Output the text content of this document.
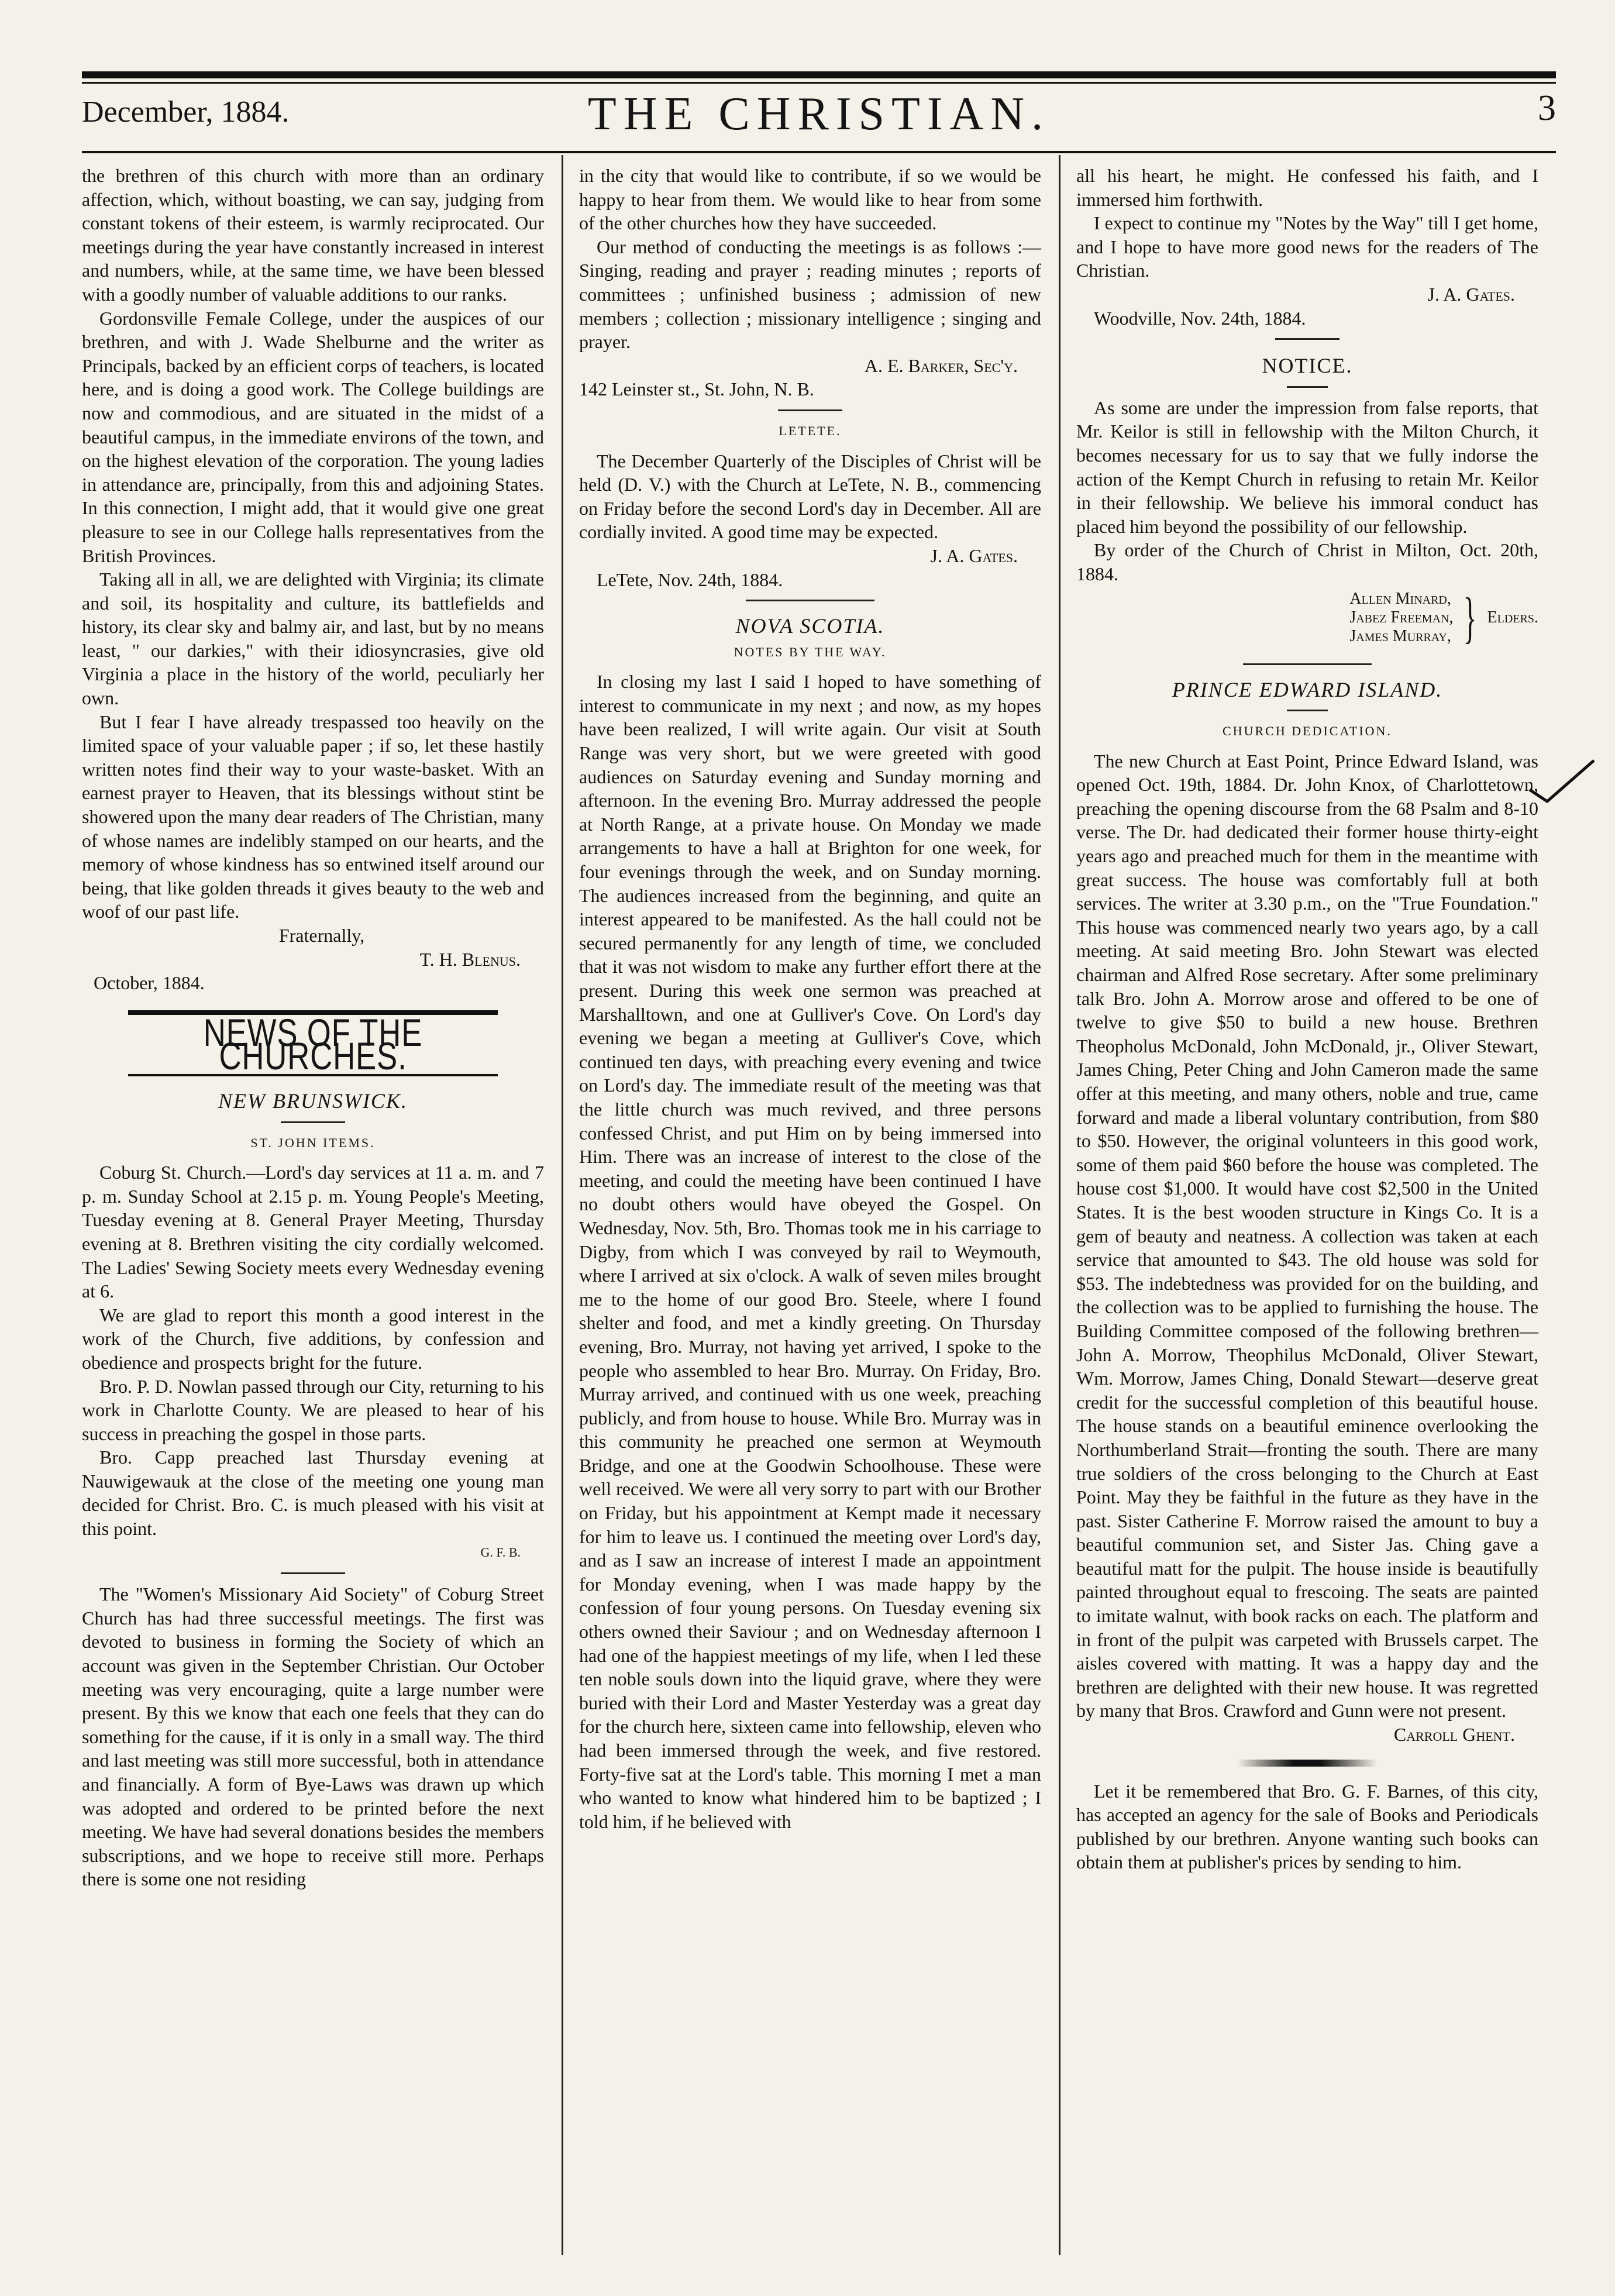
December, 1884.	THE CHRISTIAN.	3

the brethren of this church with more than an ordinary affection, which, without boasting, we can say, judging from constant tokens of their esteem, is warmly reciprocated. Our meetings during the year have constantly increased in interest and numbers, while, at the same time, we have been blessed with a goodly number of valuable additions to our ranks.

Gordonsville Female College, under the auspices of our brethren, and with J. Wade Shelburne and the writer as Principals, backed by an efficient corps of teachers, is located here, and is doing a good work. The College buildings are now and commodious, and are situated in the midst of a beautiful campus, in the immediate environs of the town, and on the highest elevation of the corporation. The young ladies in attendance are, principally, from this and adjoining States. In this connection, I might add, that it would give one great pleasure to see in our College halls representatives from the British Provinces.

Taking all in all, we are delighted with Virginia; its climate and soil, its hospitality and culture, its battlefields and history, its clear sky and balmy air, and last, but by no means least, " our darkies," with their idiosyncrasies, give old Virginia a place in the history of the world, peculiarly her own.

But I fear I have already trespassed too heavily on the limited space of your valuable paper ; if so, let these hastily written notes find their way to your waste-basket. With an earnest prayer to Heaven, that its blessings without stint be showered upon the many dear readers of The Christian, many of whose names are indelibly stamped on our hearts, and the memory of whose kindness has so entwined itself around our being, that like golden threads it gives beauty to the web and woof of our past life.

Fraternally,

T. H. Blenus.

October, 1884.

NEWS OF THE CHURCHES.
NEW BRUNSWICK.
ST. JOHN ITEMS.

Coburg St. Church.—Lord's day services at 11 a. m. and 7 p. m. Sunday School at 2.15 p. m. Young People's Meeting, Tuesday evening at 8. General Prayer Meeting, Thursday evening at 8. Brethren visiting the city cordially welcomed. The Ladies' Sewing Society meets every Wednesday evening at 6.

We are glad to report this month a good interest in the work of the Church, five additions, by confession and obedience and prospects bright for the future.

Bro. P. D. Nowlan passed through our City, returning to his work in Charlotte County. We are pleased to hear of his success in preaching the gospel in those parts.

Bro. Capp preached last Thursday evening at Nauwigewauk at the close of the meeting one young man decided for Christ. Bro. C. is much pleased with his visit at this point.

G. F. B.

The "Women's Missionary Aid Society" of Coburg Street Church has had three successful meetings. The first was devoted to business in forming the Society of which an account was given in the September Christian. Our October meeting was very encouraging, quite a large number were present. By this we know that each one feels that they can do something for the cause, if it is only in a small way. The third and last meeting was still more successful, both in attendance and financially. A form of Bye-Laws was drawn up which was adopted and ordered to be printed before the next meeting. We have had several donations besides the members subscriptions, and we hope to receive still more. Perhaps there is some one not residing

in the city that would like to contribute, if so we would be happy to hear from them. We would like to hear from some of the other churches how they have succeeded.

Our method of conducting the meetings is as follows :—Singing, reading and prayer ; reading minutes ; reports of committees ; unfinished business ; admission of new members ; collection ; missionary intelligence ; singing and prayer.

A. E. Barker, Sec'y.

142 Leinster st., St. John, N. B.

LETETE.

The December Quarterly of the Disciples of Christ will be held (D. V.) with the Church at LeTete, N. B., commencing on Friday before the second Lord's day in December. All are cordially invited. A good time may be expected.

J. A. Gates.

LeTete, Nov. 24th, 1884.

NOVA SCOTIA.
NOTES BY THE WAY.

In closing my last I said I hoped to have something of interest to communicate in my next ; and now, as my hopes have been realized, I will write again. Our visit at South Range was very short, but we were greeted with good audiences on Saturday evening and Sunday morning and afternoon. In the evening Bro. Murray addressed the people at North Range, at a private house. On Monday we made arrangements to have a hall at Brighton for one week, for four evenings through the week, and on Sunday morning. The audiences increased from the beginning, and quite an interest appeared to be manifested. As the hall could not be secured permanently for any length of time, we concluded that it was not wisdom to make any further effort there at the present. During this week one sermon was preached at Marshalltown, and one at Gulliver's Cove. On Lord's day evening we began a meeting at Gulliver's Cove, which continued ten days, with preaching every evening and twice on Lord's day. The immediate result of the meeting was that the little church was much revived, and three persons confessed Christ, and put Him on by being immersed into Him. There was an increase of interest to the close of the meeting, and could the meeting have been continued I have no doubt others would have obeyed the Gospel. On Wednesday, Nov. 5th, Bro. Thomas took me in his carriage to Digby, from which I was conveyed by rail to Weymouth, where I arrived at six o'clock. A walk of seven miles brought me to the home of our good Bro. Steele, where I found shelter and food, and met a kindly greeting. On Thursday evening, Bro. Murray, not having yet arrived, I spoke to the people who assembled to hear Bro. Murray. On Friday, Bro. Murray arrived, and continued with us one week, preaching publicly, and from house to house. While Bro. Murray was in this community he preached one sermon at Weymouth Bridge, and one at the Goodwin Schoolhouse. These were well received. We were all very sorry to part with our Brother on Friday, but his appointment at Kempt made it necessary for him to leave us. I continued the meeting over Lord's day, and as I saw an increase of interest I made an appointment for Monday evening, when I was made happy by the confession of four young persons. On Tuesday evening six others owned their Saviour ; and on Wednesday afternoon I had one of the happiest meetings of my life, when I led these ten noble souls down into the liquid grave, where they were buried with their Lord and Master Yesterday was a great day for the church here, sixteen came into fellowship, eleven who had been immersed through the week, and five restored. Forty-five sat at the Lord's table. This morning I met a man who wanted to know what hindered him to be baptized ; I told him, if he believed with

all his heart, he might. He confessed his faith, and I immersed him forthwith.

I expect to continue my "Notes by the Way" till I get home, and I hope to have more good news for the readers of The Christian.

J. A. Gates.

Woodville, Nov. 24th, 1884.

NOTICE.

As some are under the impression from false reports, that Mr. Keilor is still in fellowship with the Milton Church, it becomes necessary for us to say that we fully indorse the action of the Kempt Church in refusing to retain Mr. Keilor in their fellowship. We believe his immoral conduct has placed him beyond the possibility of our fellowship.

By order of the Church of Christ in Milton, Oct. 20th, 1884.

Allen Minard,
Jabez Freeman,
James Murray, } Elders.
PRINCE EDWARD ISLAND.
CHURCH DEDICATION.

The new Church at East Point, Prince Edward Island, was opened Oct. 19th, 1884. Dr. John Knox, of Charlottetown, preaching the opening discourse from the 68 Psalm and 8-10 verse. The Dr. had dedicated their former house thirty-eight years ago and preached much for them in the meantime with great success. The house was comfortably full at both services. The writer at 3.30 p.m., on the "True Foundation." This house was commenced nearly two years ago, by a call meeting. At said meeting Bro. John Stewart was elected chairman and Alfred Rose secretary. After some preliminary talk Bro. John A. Morrow arose and offered to be one of twelve to give $50 to build a new house. Brethren Theopholus McDonald, John McDonald, jr., Oliver Stewart, James Ching, Peter Ching and John Cameron made the same offer at this meeting, and many others, noble and true, came forward and made a liberal voluntary contribution, from $80 to $50. However, the original volunteers in this good work, some of them paid $60 before the house was completed. The house cost $1,000. It would have cost $2,500 in the United States. It is the best wooden structure in Kings Co. It is a gem of beauty and neatness. A collection was taken at each service that amounted to $43. The old house was sold for $53. The indebtedness was provided for on the building, and the collection was to be applied to furnishing the house. The Building Committee composed of the following brethren—John A. Morrow, Theophilus McDonald, Oliver Stewart, Wm. Morrow, James Ching, Donald Stewart—deserve great credit for the successful completion of this beautiful house. The house stands on a beautiful eminence overlooking the Northumberland Strait—fronting the south. There are many true soldiers of the cross belonging to the Church at East Point. May they be faithful in the future as they have in the past. Sister Catherine F. Morrow raised the amount to buy a beautiful communion set, and Sister Jas. Ching gave a beautiful matt for the pulpit. The house inside is beautifully painted throughout equal to frescoing. The seats are painted to imitate walnut, with book racks on each. The platform and in front of the pulpit was carpeted with Brussels carpet. The aisles covered with matting. It was a happy day and the brethren are delighted with their new house. It was regretted by many that Bros. Crawford and Gunn were not present.

Carroll Ghent.

Let it be remembered that Bro. G. F. Barnes, of this city, has accepted an agency for the sale of Books and Periodicals published by our brethren. Anyone wanting such books can obtain them at publisher's prices by sending to him.
